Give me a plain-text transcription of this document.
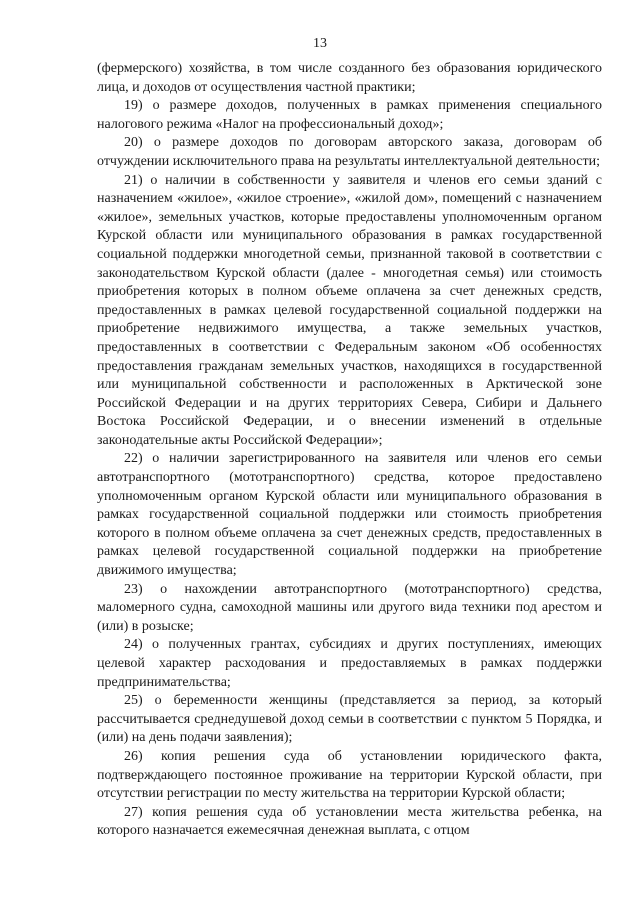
13

(фермерского) хозяйства, в том числе созданного без образования юридического лица, и доходов от осуществления частной практики;

19) о размере доходов, полученных в рамках применения специального налогового режима «Налог на профессиональный доход»;

20) о размере доходов по договорам авторского заказа, договорам об отчуждении исключительного права на результаты интеллектуальной деятельности;

21) о наличии в собственности у заявителя и членов его семьи зданий с назначением «жилое», «жилое строение», «жилой дом», помещений с назначением «жилое», земельных участков, которые предоставлены уполномоченным органом Курской области или муниципального образования в рамках государственной социальной поддержки многодетной семьи, признанной таковой в соответствии с законодательством Курской области (далее - многодетная семья) или стоимость приобретения которых в полном объеме оплачена за счет денежных средств, предоставленных в рамках целевой государственной социальной поддержки на приобретение недвижимого имущества, а также земельных участков, предоставленных в соответствии с Федеральным законом «Об особенностях предоставления гражданам земельных участков, находящихся в государственной или муниципальной собственности и расположенных в Арктической зоне Российской Федерации и на других территориях Севера, Сибири и Дальнего Востока Российской Федерации, и о внесении изменений в отдельные законодательные акты Российской Федерации»;

22) о наличии зарегистрированного на заявителя или членов его семьи автотранспортного (мототранспортного) средства, которое предоставлено уполномоченным органом Курской области или муниципального образования в рамках государственной социальной поддержки или стоимость приобретения которого в полном объеме оплачена за счет денежных средств, предоставленных в рамках целевой государственной социальной поддержки на приобретение движимого имущества;

23) о нахождении автотранспортного (мототранспортного) средства, маломерного судна, самоходной машины или другого вида техники под арестом и (или) в розыске;

24) о полученных грантах, субсидиях и других поступлениях, имеющих целевой характер расходования и предоставляемых в рамках поддержки предпринимательства;

25) о беременности женщины (представляется за период, за который рассчитывается среднедушевой доход семьи в соответствии с пунктом 5 Порядка, и (или) на день подачи заявления);

26) копия решения суда об установлении юридического факта, подтверждающего постоянное проживание на территории Курской области, при отсутствии регистрации по месту жительства на территории Курской области;

27) копия решения суда об установлении места жительства ребенка, на которого назначается ежемесячная денежная выплата, с отцом
